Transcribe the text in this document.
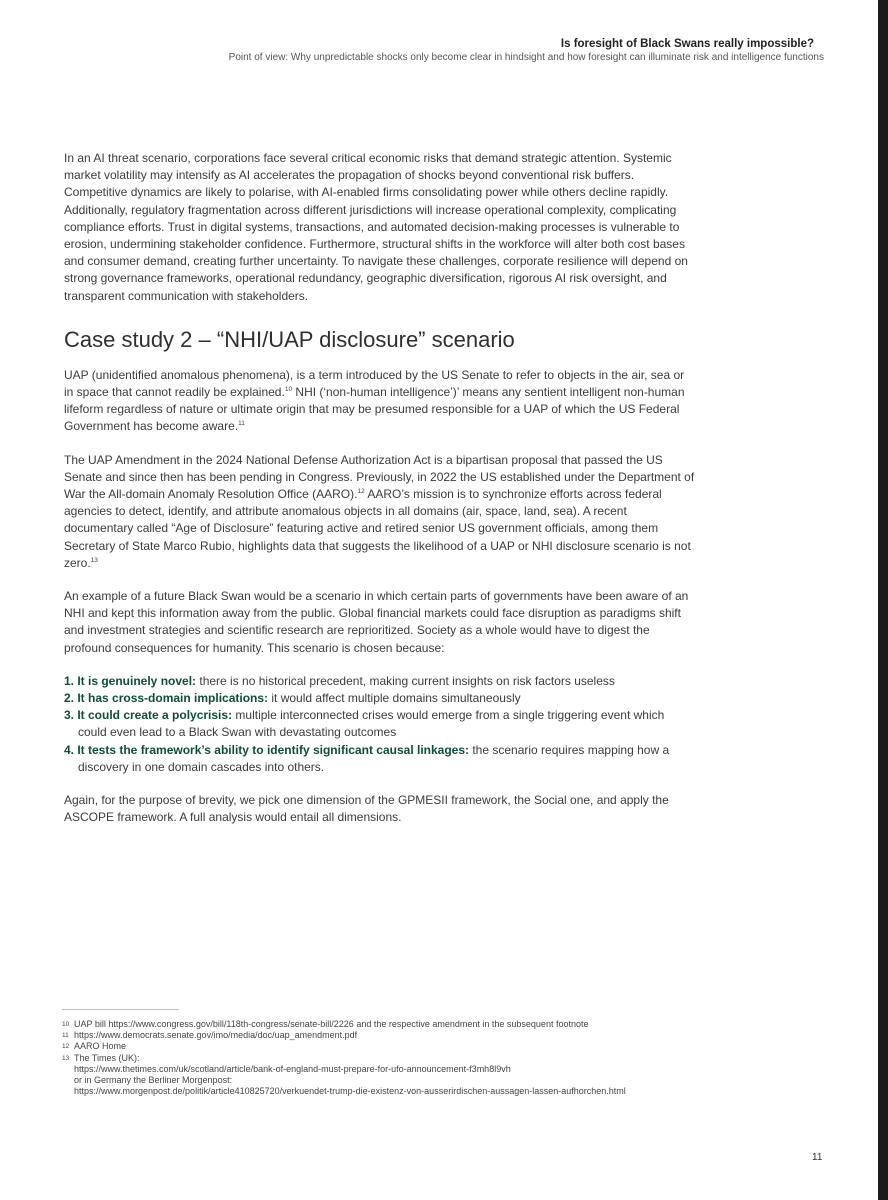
Is foresight of Black Swans really impossible?
Point of view: Why unpredictable shocks only become clear in hindsight and how foresight can illuminate risk and intelligence functions

In an AI threat scenario, corporations face several critical economic risks that demand strategic attention. Systemic market volatility may intensify as AI accelerates the propagation of shocks beyond conventional risk buffers. Competitive dynamics are likely to polarise, with AI-enabled firms consolidating power while others decline rapidly. Additionally, regulatory fragmentation across different jurisdictions will increase operational complexity, complicating compliance efforts. Trust in digital systems, transactions, and automated decision-making processes is vulnerable to erosion, undermining stakeholder confidence. Furthermore, structural shifts in the workforce will alter both cost bases and consumer demand, creating further uncertainty. To navigate these challenges, corporate resilience will depend on strong governance frameworks, operational redundancy, geographic diversification, rigorous AI risk oversight, and transparent communication with stakeholders.

Case study 2 – “NHI/UAP disclosure” scenario

UAP (unidentified anomalous phenomena), is a term introduced by the US Senate to refer to objects in the air, sea or in space that cannot readily be explained.$^{10}$ NHI (‘non-human intelligence’)’ means any sentient intelligent non-human lifeform regardless of nature or ultimate origin that may be presumed responsible for a UAP of which the US Federal Government has become aware.$^{11}$

The UAP Amendment in the 2024 National Defense Authorization Act is a bipartisan proposal that passed the US Senate and since then has been pending in Congress. Previously, in 2022 the US established under the Department of War the All-domain Anomaly Resolution Office (AARO).$^{12}$ AARO’s mission is to synchronize efforts across federal agencies to detect, identify, and attribute anomalous objects in all domains (air, space, land, sea). A recent documentary called “Age of Disclosure” featuring active and retired senior US government officials, among them Secretary of State Marco Rubio, highlights data that suggests the likelihood of a UAP or NHI disclosure scenario is not zero.$^{13}$

An example of a future Black Swan would be a scenario in which certain parts of governments have been aware of an NHI and kept this information away from the public. Global financial markets could face disruption as paradigms shift and investment strategies and scientific research are reprioritized. Society as a whole would have to digest the profound consequences for humanity. This scenario is chosen because:

1. It is genuinely novel: there is no historical precedent, making current insights on risk factors useless
2. It has cross-domain implications: it would affect multiple domains simultaneously
3. It could create a polycrisis: multiple interconnected crises would emerge from a single triggering event which could even lead to a Black Swan with devastating outcomes
4. It tests the framework’s ability to identify significant causal linkages: the scenario requires mapping how a discovery in one domain cascades into others.

Again, for the purpose of brevity, we pick one dimension of the GPMESII framework, the Social one, and apply the ASCOPE framework. A full analysis would entail all dimensions.

10 UAP bill https://www.congress.gov/bill/118th-congress/senate-bill/2226 and the respective amendment in the subsequent footnote
11 https://www.democrats.senate.gov/imo/media/doc/uap_amendment.pdf
12 AARO Home
13 The Times (UK):
https://www.thetimes.com/uk/scotland/article/bank-of-england-must-prepare-for-ufo-announcement-f3mh8l9vh
or in Germany the Berliner Morgenpost:
https://www.morgenpost.de/politik/article410825720/verkuendet-trump-die-existenz-von-ausserirdischen-aussagen-lassen-aufhorchen.html
11
